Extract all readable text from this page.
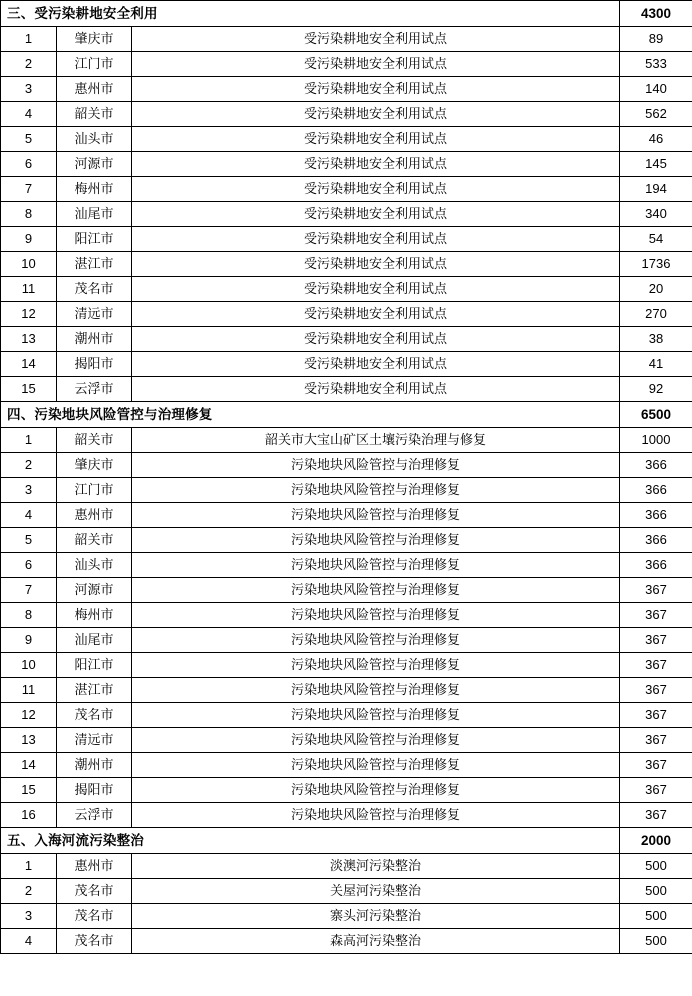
三、受污染耕地安全利用			4300
1	肇庆市	受污染耕地安全利用试点	89
2	江门市	受污染耕地安全利用试点	533
3	惠州市	受污染耕地安全利用试点	140
4	韶关市	受污染耕地安全利用试点	562
5	汕头市	受污染耕地安全利用试点	46
6	河源市	受污染耕地安全利用试点	145
7	梅州市	受污染耕地安全利用试点	194
8	汕尾市	受污染耕地安全利用试点	340
9	阳江市	受污染耕地安全利用试点	54
10	湛江市	受污染耕地安全利用试点	1736
11	茂名市	受污染耕地安全利用试点	20
12	清远市	受污染耕地安全利用试点	270
13	潮州市	受污染耕地安全利用试点	38
14	揭阳市	受污染耕地安全利用试点	41
15	云浮市	受污染耕地安全利用试点	92
四、污染地块风险管控与治理修复			6500
1	韶关市	韶关市大宝山矿区土壤污染治理与修复	1000
2	肇庆市	污染地块风险管控与治理修复	366
3	江门市	污染地块风险管控与治理修复	366
4	惠州市	污染地块风险管控与治理修复	366
5	韶关市	污染地块风险管控与治理修复	366
6	汕头市	污染地块风险管控与治理修复	366
7	河源市	污染地块风险管控与治理修复	367
8	梅州市	污染地块风险管控与治理修复	367
9	汕尾市	污染地块风险管控与治理修复	367
10	阳江市	污染地块风险管控与治理修复	367
11	湛江市	污染地块风险管控与治理修复	367
12	茂名市	污染地块风险管控与治理修复	367
13	清远市	污染地块风险管控与治理修复	367
14	潮州市	污染地块风险管控与治理修复	367
15	揭阳市	污染地块风险管控与治理修复	367
16	云浮市	污染地块风险管控与治理修复	367
五、入海河流污染整治			2000
1	惠州市	淡澳河污染整治	500
2	茂名市	关屋河污染整治	500
3	茂名市	寨头河污染整治	500
4	茂名市	森高河污染整治	500
